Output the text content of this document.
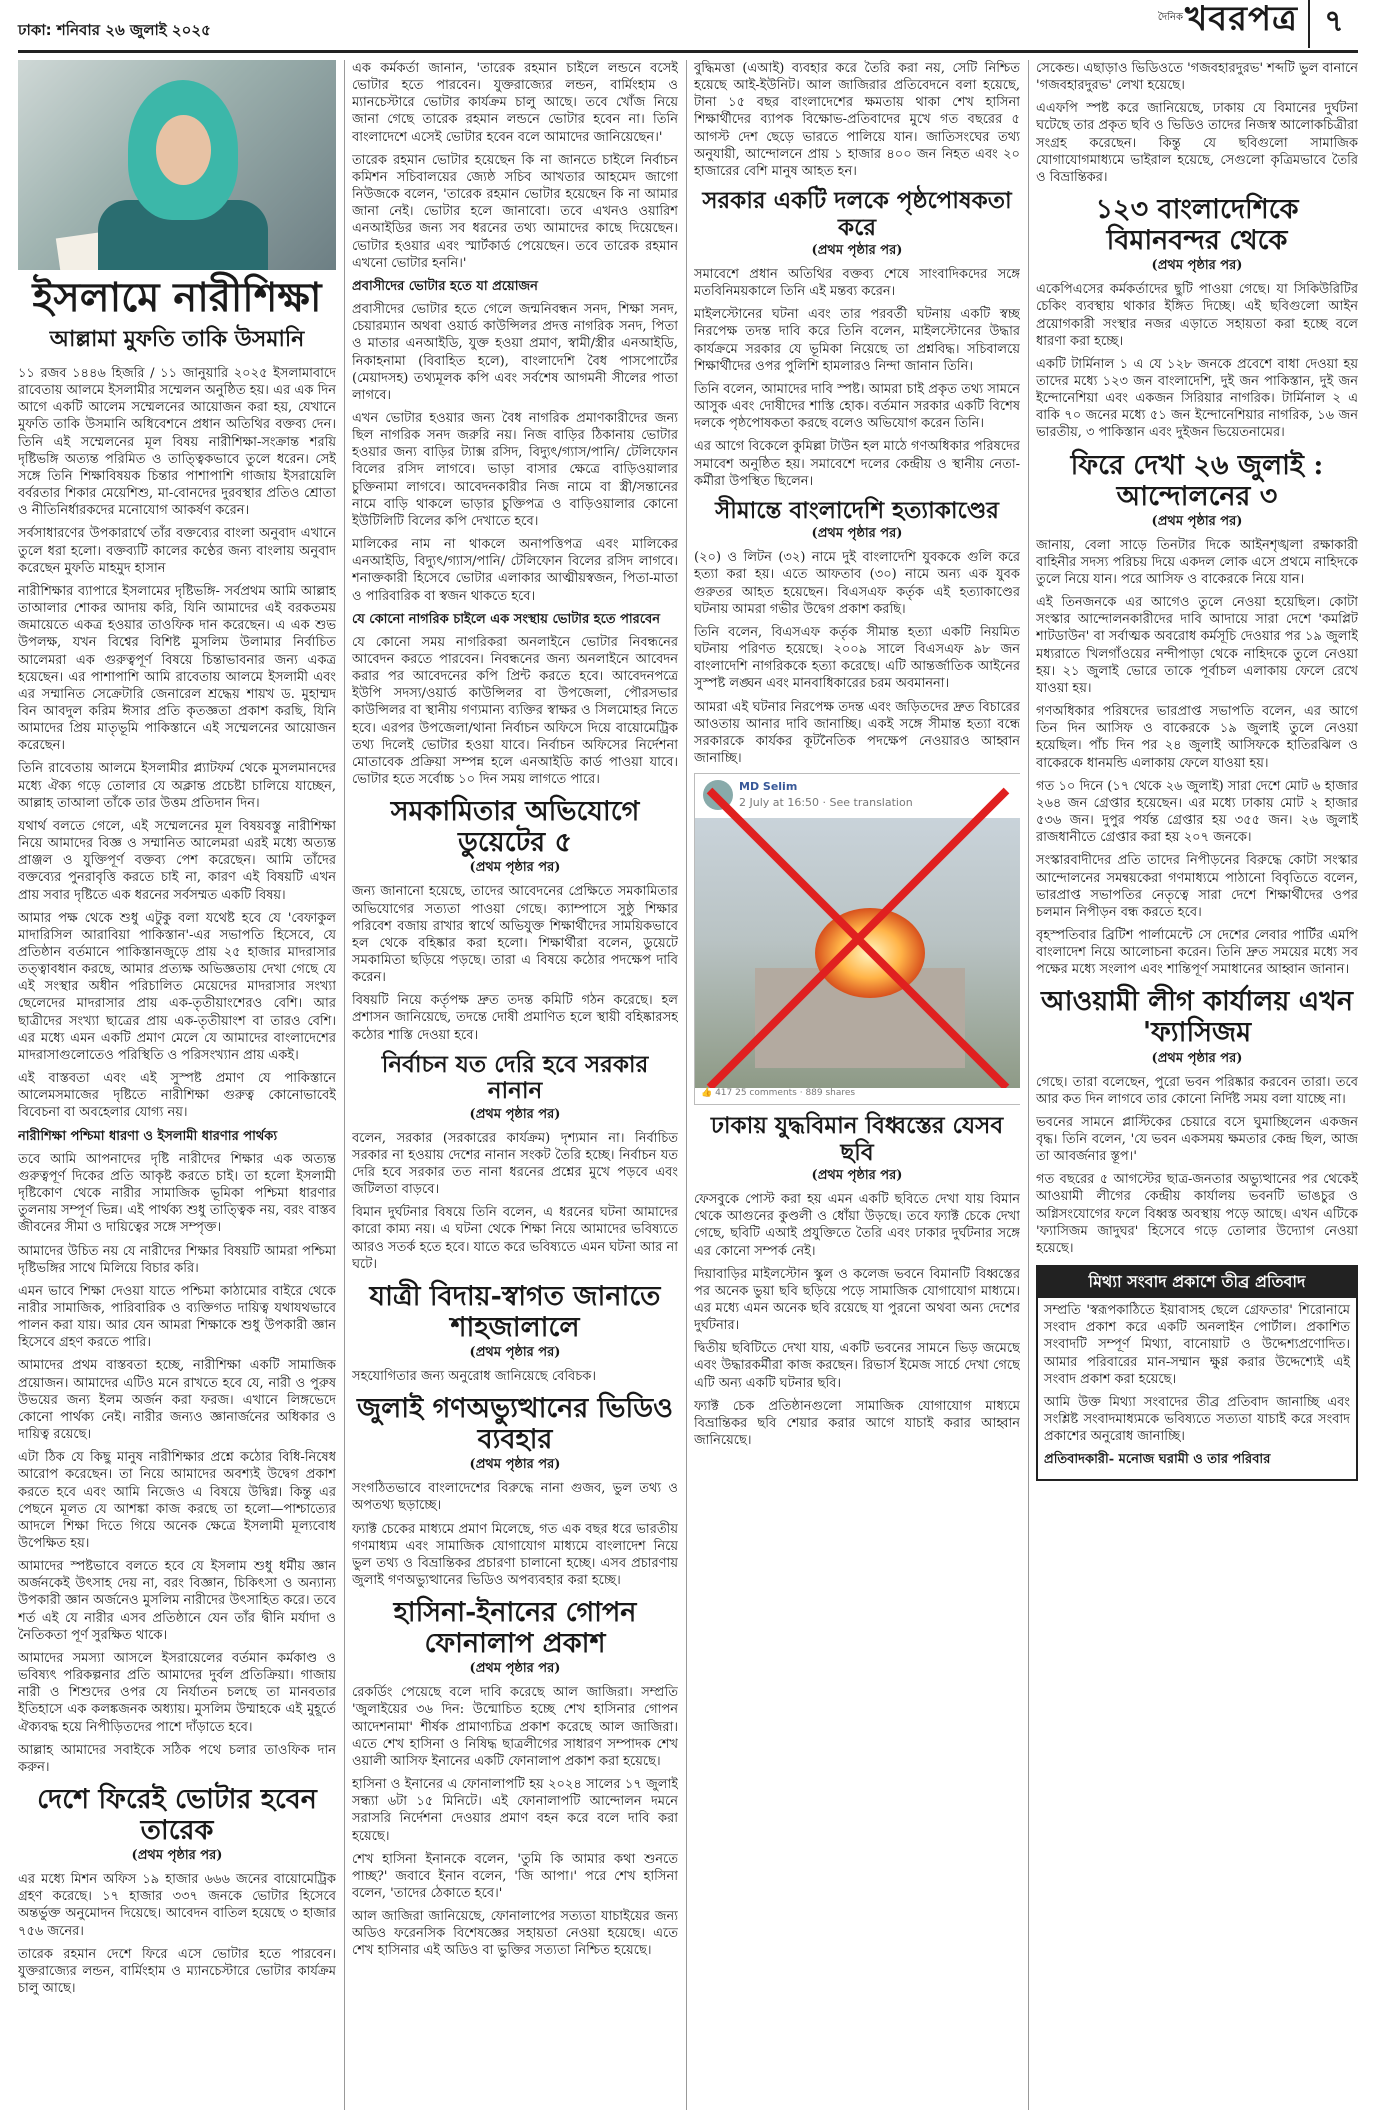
ঢাকা: শনিবার ২৬ জুলাই ২০২৫
দৈনিক খবরপত্র ৭
ইসলামে নারীশিক্ষা
আল্লামা মুফতি তাকি উসমানি

১১ রজব ১৪৪৬ হিজরি / ১১ জানুয়ারি ২০২৫ ইসলামাবাদে রাবেতায় আলমে ইসলামীর সম্মেলন অনুষ্ঠিত হয়। এর এক দিন আগে একটি আলেম সম্মেলনের আয়োজন করা হয়, যেখানে মুফতি তাকি উসমানি অধিবেশনে প্রধান অতিথির বক্তব্য দেন। তিনি এই সম্মেলনের মূল বিষয় নারীশিক্ষা-সংক্রান্ত শরয়ি দৃষ্টিভঙ্গি অত্যন্ত পরিমিত ও তাত্ত্বিকভাবে তুলে ধরেন। সেই সঙ্গে তিনি শিক্ষাবিষয়ক চিন্তার পাশাপাশি গাজায় ইসরায়েলি বর্বরতার শিকার মেয়েশিশু, মা-বোনদের দুরবস্থার প্রতিও শ্রোতা ও নীতিনির্ধারকদের মনোযোগ আকর্ষণ করেন।

সর্বসাধারণের উপকারার্থে তাঁর বক্তব্যের বাংলা অনুবাদ এখানে তুলে ধরা হলো। বক্তব্যটি কালের কণ্ঠের জন্য বাংলায় অনুবাদ করেছেন মুফতি মাহমুদ হাসান

নারীশিক্ষার ব্যাপারে ইসলামের দৃষ্টিভঙ্গি- সর্বপ্রথম আমি আল্লাহ তাআলার শোকর আদায় করি, যিনি আমাদের এই বরকতময় জমায়েতে একত্র হওয়ার তাওফিক দান করেছেন। এ এক শুভ উপলক্ষ, যখন বিশ্বের বিশিষ্ট মুসলিম উলামার নির্বাচিত আলেমরা এক গুরুত্বপূর্ণ বিষয়ে চিন্তাভাবনার জন্য একত্র হয়েছেন। এর পাশাপাশি আমি রাবেতায় আলমে ইসলামী এবং এর সম্মানিত সেক্রেটারি জেনারেল শ্রদ্ধেয় শায়খ ড. মুহাম্মদ বিন আবদুল করিম ঈসার প্রতি কৃতজ্ঞতা প্রকাশ করছি, যিনি আমাদের প্রিয় মাতৃভূমি পাকিস্তানে এই সম্মেলনের আয়োজন করেছেন।

তিনি রাবেতায় আলমে ইসলামীর প্ল্যাটফর্ম থেকে মুসলমানদের মধ্যে ঐক্য গড়ে তোলার যে অক্লান্ত প্রচেষ্টা চালিয়ে যাচ্ছেন, আল্লাহ তাআলা তাঁকে তার উত্তম প্রতিদান দিন।

যথার্থ বলতে গেলে, এই সম্মেলনের মূল বিষয়বস্তু নারীশিক্ষা নিয়ে আমাদের বিজ্ঞ ও সম্মানিত আলেমরা এরই মধ্যে অত্যন্ত প্রাঞ্জল ও যুক্তিপূর্ণ বক্তব্য পেশ করেছেন। আমি তাঁদের বক্তব্যের পুনরাবৃত্তি করতে চাই না, কারণ এই বিষয়টি এখন প্রায় সবার দৃষ্টিতে এক ধরনের সর্বসম্মত একটি বিষয়।

আমার পক্ষ থেকে শুধু এটুকু বলা যথেষ্ট হবে যে 'বেফাকুল মাদারিসিল আরাবিয়া পাকিস্তান'-এর সভাপতি হিসেবে, যে প্রতিষ্ঠান বর্তমানে পাকিস্তানজুড়ে প্রায় ২৫ হাজার মাদরাসার তত্ত্বাবধান করছে, আমার প্রত্যক্ষ অভিজ্ঞতায় দেখা গেছে যে এই সংস্থার অধীন পরিচালিত মেয়েদের মাদরাসার সংখ্যা ছেলেদের মাদরাসার প্রায় এক-তৃতীয়াংশেরও বেশি। আর ছাত্রীদের সংখ্যা ছাত্রের প্রায় এক-তৃতীয়াংশ বা তারও বেশি। এর মধ্যে এমন একটি প্রমাণ মেলে যে আমাদের বাংলাদেশের মাদরাসাগুলোতেও পরিস্থিতি ও পরিসংখ্যান প্রায় একই।

এই বাস্তবতা এবং এই সুস্পষ্ট প্রমাণ যে পাকিস্তানে আলেমসমাজের দৃষ্টিতে নারীশিক্ষা গুরুত্ব কোনোভাবেই বিবেচনা বা অবহেলার যোগ্য নয়।

নারীশিক্ষা পশ্চিমা ধারণা ও ইসলামী ধারণার পার্থক্য

তবে আমি আপনাদের দৃষ্টি নারীদের শিক্ষার এক অত্যন্ত গুরুত্বপূর্ণ দিকের প্রতি আকৃষ্ট করতে চাই। তা হলো ইসলামী দৃষ্টিকোণ থেকে নারীর সামাজিক ভূমিকা পশ্চিমা ধারণার তুলনায় সম্পূর্ণ ভিন্ন। এই পার্থক্য শুধু তাত্ত্বিক নয়, বরং বাস্তব জীবনের সীমা ও দায়িত্বের সঙ্গে সম্পৃক্ত।

আমাদের উচিত নয় যে নারীদের শিক্ষার বিষয়টি আমরা পশ্চিমা দৃষ্টিভঙ্গির সাথে মিলিয়ে বিচার করি।

এমন ভাবে শিক্ষা দেওয়া যাতে পশ্চিমা কাঠামোর বাইরে থেকে নারীর সামাজিক, পারিবারিক ও ব্যক্তিগত দায়িত্ব যথাযথভাবে পালন করা যায়। আর যেন আমরা শিক্ষাকে শুধু উপকারী জ্ঞান হিসেবে গ্রহণ করতে পারি।

আমাদের প্রথম বাস্তবতা হচ্ছে, নারীশিক্ষা একটি সামাজিক প্রয়োজন। আমাদের এটিও মনে রাখতে হবে যে, নারী ও পুরুষ উভয়ের জন্য ইলম অর্জন করা ফরজ। এখানে লিঙ্গভেদে কোনো পার্থক্য নেই। নারীর জন্যও জ্ঞানার্জনের অধিকার ও দায়িত্ব রয়েছে।

এটা ঠিক যে কিছু মানুষ নারীশিক্ষার প্রশ্নে কঠোর বিধি-নিষেধ আরোপ করেছেন। তা নিয়ে আমাদের অবশ্যই উদ্বেগ প্রকাশ করতে হবে এবং আমি নিজেও এ বিষয়ে উদ্বিগ্ন। কিন্তু এর পেছনে মূলত যে আশঙ্কা কাজ করছে তা হলো—পাশ্চাত্যের আদলে শিক্ষা দিতে গিয়ে অনেক ক্ষেত্রে ইসলামী মূল্যবোধ উপেক্ষিত হয়।

আমাদের স্পষ্টভাবে বলতে হবে যে ইসলাম শুধু ধর্মীয় জ্ঞান অর্জনকেই উৎসাহ দেয় না, বরং বিজ্ঞান, চিকিৎসা ও অন্যান্য উপকারী জ্ঞান অর্জনেও মুসলিম নারীদের উৎসাহিত করে। তবে শর্ত এই যে নারীর এসব প্রতিষ্ঠানে যেন তাঁর দ্বীনি মর্যাদা ও নৈতিকতা পূর্ণ সুরক্ষিত থাকে।

আমাদের সমস্যা আসলে ইসরায়েলের বর্তমান কর্মকাণ্ড ও ভবিষ্যৎ পরিকল্পনার প্রতি আমাদের দুর্বল প্রতিক্রিয়া। গাজায় নারী ও শিশুদের ওপর যে নির্যাতন চলছে তা মানবতার ইতিহাসে এক কলঙ্কজনক অধ্যায়। মুসলিম উম্মাহকে এই মুহূর্তে ঐক্যবদ্ধ হয়ে নিপীড়িতদের পাশে দাঁড়াতে হবে।

আল্লাহ আমাদের সবাইকে সঠিক পথে চলার তাওফিক দান করুন।

দেশে ফিরেই ভোটার হবেন তারেক
(প্রথম পৃষ্ঠার পর)

এর মধ্যে মিশন অফিস ১৯ হাজার ৬৬৬ জনের বায়োমেট্রিক গ্রহণ করেছে। ১৭ হাজার ৩৩৭ জনকে ভোটার হিসেবে অন্তর্ভুক্ত অনুমোদন দিয়েছে। আবেদন বাতিল হয়েছে ৩ হাজার ৭৫৬ জনের।

তারেক রহমান দেশে ফিরে এসে ভোটার হতে পারবেন। যুক্তরাজ্যের লন্ডন, বার্মিংহাম ও ম্যানচেস্টারে ভোটার কার্যক্রম চালু আছে।

এক কর্মকর্তা জানান, 'তারেক রহমান চাইলে লন্ডনে বসেই ভোটার হতে পারবেন। যুক্তরাজ্যের লন্ডন, বার্মিংহাম ও ম্যানচেস্টারে ভোটার কার্যক্রম চালু আছে। তবে খোঁজ নিয়ে জানা গেছে তারেক রহমান লন্ডনে ভোটার হবেন না। তিনি বাংলাদেশে এসেই ভোটার হবেন বলে আমাদের জানিয়েছেন।'

তারেক রহমান ভোটার হয়েছেন কি না জানতে চাইলে নির্বাচন কমিশন সচিবালয়ের জ্যেষ্ঠ সচিব আখতার আহমেদ জাগো নিউজকে বলেন, 'তারেক রহমান ভোটার হয়েছেন কি না আমার জানা নেই। ভোটার হলে জানাবো। তবে এখনও ওয়ারিশ এনআইডির জন্য সব ধরনের তথ্য আমাদের কাছে দিয়েছেন। ভোটার হওয়ার এবং স্মার্টকার্ড পেয়েছেন। তবে তারেক রহমান এখনো ভোটার হননি।'

প্রবাসীদের ভোটার হতে যা প্রয়োজন

প্রবাসীদের ভোটার হতে গেলে জন্মনিবন্ধন সনদ, শিক্ষা সনদ, চেয়ারম্যান অথবা ওয়ার্ড কাউন্সিলর প্রদত্ত নাগরিক সনদ, পিতা ও মাতার এনআইডি, যুক্ত হওয়া প্রমাণ, স্বামী/স্ত্রীর এনআইডি, নিকাহনামা (বিবাহিত হলে), বাংলাদেশি বৈধ পাসপোর্টের (মেয়াদসহ) তথ্যমূলক কপি এবং সর্বশেষ আগমনী সীলের পাতা লাগবে।

এখন ভোটার হওয়ার জন্য বৈধ নাগরিক প্রমাণকারীদের জন্য ছিল নাগরিক সনদ জরুরি নয়। নিজ বাড়ির ঠিকানায় ভোটার হওয়ার জন্য বাড়ির ট্যাক্স রসিদ, বিদ্যুৎ/গ্যাস/পানি/ টেলিফোন বিলের রসিদ লাগবে। ভাড়া বাসার ক্ষেত্রে বাড়িওয়ালার চুক্তিনামা লাগবে। আবেদনকারীর নিজ নামে বা স্ত্রী/সন্তানের নামে বাড়ি থাকলে ভাড়ার চুক্তিপত্র ও বাড়িওয়ালার কোনো ইউটিলিটি বিলের কপি দেখাতে হবে।

মালিকের নাম না থাকলে অনাপত্তিপত্র এবং মালিকের এনআইডি, বিদ্যুৎ/গ্যাস/পানি/ টেলিফোন বিলের রসিদ লাগবে। শনাক্তকারী হিসেবে ভোটার এলাকার আত্মীয়স্বজন, পিতা-মাতা ও পারিবারিক বা স্বজন থাকতে হবে।

যে কোনো নাগরিক চাইলে এক সংস্থায় ভোটার হতে পারবেন

যে কোনো সময় নাগরিকরা অনলাইনে ভোটার নিবন্ধনের আবেদন করতে পারবেন। নিবন্ধনের জন্য অনলাইনে আবেদন করার পর আবেদনের কপি প্রিন্ট করতে হবে। আবেদনপত্রে ইউপি সদস্য/ওয়ার্ড কাউন্সিলর বা উপজেলা, পৌরসভার কাউন্সিলর বা স্থানীয় গণ্যমান্য ব্যক্তির স্বাক্ষর ও সিলমোহর নিতে হবে। এরপর উপজেলা/থানা নির্বাচন অফিসে দিয়ে বায়োমেট্রিক তথ্য দিলেই ভোটার হওয়া যাবে। নির্বাচন অফিসের নির্দেশনা মোতাবেক প্রক্রিয়া সম্পন্ন হলে এনআইডি কার্ড পাওয়া যাবে। ভোটার হতে সর্বোচ্চ ১০ দিন সময় লাগতে পারে।

সমকামিতার অভিযোগে ডুয়েটের ৫
(প্রথম পৃষ্ঠার পর)

জন্য জানানো হয়েছে, তাদের আবেদনের প্রেক্ষিতে সমকামিতার অভিযোগের সত্যতা পাওয়া গেছে। ক্যাম্পাসে সুষ্ঠু শিক্ষার পরিবেশ বজায় রাখার স্বার্থে অভিযুক্ত শিক্ষার্থীদের সাময়িকভাবে হল থেকে বহিষ্কার করা হলো। শিক্ষার্থীরা বলেন, ডুয়েটে সমকামিতা ছড়িয়ে পড়ছে। তারা এ বিষয়ে কঠোর পদক্ষেপ দাবি করেন।

বিষয়টি নিয়ে কর্তৃপক্ষ দ্রুত তদন্ত কমিটি গঠন করেছে। হল প্রশাসন জানিয়েছে, তদন্তে দোষী প্রমাণিত হলে স্থায়ী বহিষ্কারসহ কঠোর শাস্তি দেওয়া হবে।

নির্বাচন যত দেরি হবে সরকার নানান
(প্রথম পৃষ্ঠার পর)

বলেন, সরকার (সরকারের কার্যক্রম) দৃশ্যমান না। নির্বাচিত সরকার না হওয়ায় দেশের নানান সংকট তৈরি হচ্ছে। নির্বাচন যত দেরি হবে সরকার তত নানা ধরনের প্রশ্নের মুখে পড়বে এবং জটিলতা বাড়বে।

বিমান দুর্ঘটনার বিষয়ে তিনি বলেন, এ ধরনের ঘটনা আমাদের কারো কাম্য নয়। এ ঘটনা থেকে শিক্ষা নিয়ে আমাদের ভবিষ্যতে আরও সতর্ক হতে হবে। যাতে করে ভবিষ্যতে এমন ঘটনা আর না ঘটে।

যাত্রী বিদায়-স্বাগত জানাতে শাহজালালে
(প্রথম পৃষ্ঠার পর)

সহযোগিতার জন্য অনুরোধ জানিয়েছে বেবিচক।

জুলাই গণঅভ্যুত্থানের ভিডিও ব্যবহার
(প্রথম পৃষ্ঠার পর)

সংগঠিতভাবে বাংলাদেশের বিরুদ্ধে নানা গুজব, ভুল তথ্য ও অপতথ্য ছড়াচ্ছে।

ফ্যাক্ট চেকের মাধ্যমে প্রমাণ মিলেছে, গত এক বছর ধরে ভারতীয় গণমাধ্যম এবং সামাজিক যোগাযোগ মাধ্যমে বাংলাদেশ নিয়ে ভুল তথ্য ও বিভ্রান্তিকর প্রচারণা চালানো হচ্ছে। এসব প্রচারণায় জুলাই গণঅভ্যুত্থানের ভিডিও অপব্যবহার করা হচ্ছে।

হাসিনা-ইনানের গোপন ফোনালাপ প্রকাশ
(প্রথম পৃষ্ঠার পর)

রেকর্ডিং পেয়েছে বলে দাবি করেছে আল জাজিরা। সম্প্রতি 'জুলাইয়ের ৩৬ দিন: উন্মোচিত হচ্ছে শেখ হাসিনার গোপন আদেশনামা' শীর্ষক প্রামাণ্যচিত্র প্রকাশ করেছে আল জাজিরা। এতে শেখ হাসিনা ও নিষিদ্ধ ছাত্রলীগের সাধারণ সম্পাদক শেখ ওয়ালী আসিফ ইনানের একটি ফোনালাপ প্রকাশ করা হয়েছে।

হাসিনা ও ইনানের এ ফোনালাপটি হয় ২০২৪ সালের ১৭ জুলাই সন্ধ্যা ৬টা ১৫ মিনিটে। এই ফোনালাপটি আন্দোলন দমনে সরাসরি নির্দেশনা দেওয়ার প্রমাণ বহন করে বলে দাবি করা হয়েছে।

শেখ হাসিনা ইনানকে বলেন, 'তুমি কি আমার কথা শুনতে পাচ্ছ?' জবাবে ইনান বলেন, 'জি আপা।' পরে শেখ হাসিনা বলেন, 'তাদের ঠেকাতে হবে।'

আল জাজিরা জানিয়েছে, ফোনালাপের সত্যতা যাচাইয়ের জন্য অডিও ফরেনসিক বিশেষজ্ঞের সহায়তা নেওয়া হয়েছে। এতে শেখ হাসিনার এই অডিও বা ভুক্তির সত্যতা নিশ্চিত হয়েছে।

বুদ্ধিমত্তা (এআই) ব্যবহার করে তৈরি করা নয়, সেটি নিশ্চিত হয়েছে আই-ইউনিট। আল জাজিরার প্রতিবেদনে বলা হয়েছে, টানা ১৫ বছর বাংলাদেশের ক্ষমতায় থাকা শেখ হাসিনা শিক্ষার্থীদের ব্যাপক বিক্ষোভ-প্রতিবাদের মুখে গত বছরের ৫ আগস্ট দেশ ছেড়ে ভারতে পালিয়ে যান। জাতিসংঘের তথ্য অনুযায়ী, আন্দোলনে প্রায় ১ হাজার ৪০০ জন নিহত এবং ২০ হাজারের বেশি মানুষ আহত হন।

সরকার একটি দলকে পৃষ্ঠপোষকতা করে
(প্রথম পৃষ্ঠার পর)

সমাবেশে প্রধান অতিথির বক্তব্য শেষে সাংবাদিকদের সঙ্গে মতবিনিময়কালে তিনি এই মন্তব্য করেন।

মাইলস্টোনের ঘটনা এবং তার পরবর্তী ঘটনায় একটি স্বচ্ছ নিরপেক্ষ তদন্ত দাবি করে তিনি বলেন, মাইলস্টোনের উদ্ধার কার্যক্রমে সরকার যে ভূমিকা নিয়েছে তা প্রশ্নবিদ্ধ। সচিবালয়ে শিক্ষার্থীদের ওপর পুলিশি হামলারও নিন্দা জানান তিনি।

তিনি বলেন, আমাদের দাবি স্পষ্ট। আমরা চাই প্রকৃত তথ্য সামনে আসুক এবং দোষীদের শাস্তি হোক। বর্তমান সরকার একটি বিশেষ দলকে পৃষ্ঠপোষকতা করছে বলেও অভিযোগ করেন তিনি।

এর আগে বিকেলে কুমিল্লা টাউন হল মাঠে গণঅধিকার পরিষদের সমাবেশ অনুষ্ঠিত হয়। সমাবেশে দলের কেন্দ্রীয় ও স্থানীয় নেতা-কর্মীরা উপস্থিত ছিলেন।

সীমান্তে বাংলাদেশি হত্যাকাণ্ডের
(প্রথম পৃষ্ঠার পর)

(২০) ও লিটন (৩২) নামে দুই বাংলাদেশি যুবককে গুলি করে হত্যা করা হয়। এতে আফতাব (৩০) নামে অন্য এক যুবক গুরুতর আহত হয়েছেন। বিএসএফ কর্তৃক এই হত্যাকাণ্ডের ঘটনায় আমরা গভীর উদ্বেগ প্রকাশ করছি।

তিনি বলেন, বিএসএফ কর্তৃক সীমান্ত হত্যা একটি নিয়মিত ঘটনায় পরিণত হয়েছে। ২০০৯ সালে বিএসএফ ৯৮ জন বাংলাদেশি নাগরিককে হত্যা করেছে। এটি আন্তর্জাতিক আইনের সুস্পষ্ট লঙ্ঘন এবং মানবাধিকারের চরম অবমাননা।

আমরা এই ঘটনার নিরপেক্ষ তদন্ত এবং জড়িতদের দ্রুত বিচারের আওতায় আনার দাবি জানাচ্ছি। একই সঙ্গে সীমান্ত হত্যা বন্ধে সরকারকে কার্যকর কূটনৈতিক পদক্ষেপ নেওয়ারও আহ্বান জানাচ্ছি।

MD Selim
2 July at 16:50 · See translation
👍 417 25 comments · 889 shares
ঢাকায় যুদ্ধবিমান বিধ্বস্তের যেসব ছবি
(প্রথম পৃষ্ঠার পর)

ফেসবুকে পোস্ট করা হয় এমন একটি ছবিতে দেখা যায় বিমান থেকে আগুনের কুণ্ডলী ও ধোঁয়া উড়ছে। তবে ফ্যাক্ট চেকে দেখা গেছে, ছবিটি এআই প্রযুক্তিতে তৈরি এবং ঢাকার দুর্ঘটনার সঙ্গে এর কোনো সম্পর্ক নেই।

দিয়াবাড়ির মাইলস্টোন স্কুল ও কলেজ ভবনে বিমানটি বিধ্বস্তের পর অনেক ভুয়া ছবি ছড়িয়ে পড়ে সামাজিক যোগাযোগ মাধ্যমে। এর মধ্যে এমন অনেক ছবি রয়েছে যা পুরনো অথবা অন্য দেশের দুর্ঘটনার।

দ্বিতীয় ছবিটিতে দেখা যায়, একটি ভবনের সামনে ভিড় জমেছে এবং উদ্ধারকর্মীরা কাজ করছেন। রিভার্স ইমেজ সার্চে দেখা গেছে এটি অন্য একটি ঘটনার ছবি।

ফ্যাক্ট চেক প্রতিষ্ঠানগুলো সামাজিক যোগাযোগ মাধ্যমে বিভ্রান্তিকর ছবি শেয়ার করার আগে যাচাই করার আহ্বান জানিয়েছে।

সেকেন্ড। এছাড়াও ভিডিওতে 'গজবহারদুরভ' শব্দটি ভুল বানানে 'গজবহারদুরভ' লেখা হয়েছে।

এএফপি স্পষ্ট করে জানিয়েছে, ঢাকায় যে বিমানের দুর্ঘটনা ঘটেছে তার প্রকৃত ছবি ও ভিডিও তাদের নিজস্ব আলোকচিত্রীরা সংগ্রহ করেছেন। কিন্তু যে ছবিগুলো সামাজিক যোগাযোগমাধ্যমে ভাইরাল হয়েছে, সেগুলো কৃত্রিমভাবে তৈরি ও বিভ্রান্তিকর।

১২৩ বাংলাদেশিকে বিমানবন্দর থেকে
(প্রথম পৃষ্ঠার পর)

একেপিএসের কর্মকর্তাদের ছুটি পাওয়া গেছে। যা সিকিউরিটির চেকিং ব্যবস্থায় থাকার ইঙ্গিত দিচ্ছে। এই ছবিগুলো আইন প্রয়োগকারী সংস্থার নজর এড়াতে সহায়তা করা হচ্ছে বলে ধারণা করা হচ্ছে।

একটি টার্মিনাল ১ এ যে ১২৮ জনকে প্রবেশে বাধা দেওয়া হয় তাদের মধ্যে ১২৩ জন বাংলাদেশি, দুই জন পাকিস্তান, দুই জন ইন্দোনেশিয়া এবং একজন সিরিয়ার নাগরিক। টার্মিনাল ২ এ বাকি ৭০ জনের মধ্যে ৫১ জন ইন্দোনেশিয়ার নাগরিক, ১৬ জন ভারতীয়, ৩ পাকিস্তান এবং দুইজন ভিয়েতনামের।

ফিরে দেখা ২৬ জুলাই : আন্দোলনের ৩
(প্রথম পৃষ্ঠার পর)

জানায়, বেলা সাড়ে তিনটার দিকে আইনশৃঙ্খলা রক্ষাকারী বাহিনীর সদস্য পরিচয় দিয়ে একদল লোক এসে প্রথমে নাহিদকে তুলে নিয়ে যান। পরে আসিফ ও বাকেরকে নিয়ে যান।

এই তিনজনকে এর আগেও তুলে নেওয়া হয়েছিল। কোটা সংস্কার আন্দোলনকারীদের দাবি আদায়ে সারা দেশে 'কমপ্লিট শাটডাউন' বা সর্বাত্মক অবরোধ কর্মসূচি দেওয়ার পর ১৯ জুলাই মধ্যরাতে খিলগাঁওয়ের নন্দীপাড়া থেকে নাহিদকে তুলে নেওয়া হয়। ২১ জুলাই ভোরে তাকে পূর্বাচল এলাকায় ফেলে রেখে যাওয়া হয়।

গণঅধিকার পরিষদের ভারপ্রাপ্ত সভাপতি বলেন, এর আগে তিন দিন আসিফ ও বাকেরকে ১৯ জুলাই তুলে নেওয়া হয়েছিল। পাঁচ দিন পর ২৪ জুলাই আসিফকে হাতিরঝিল ও বাকেরকে ধানমন্ডি এলাকায় ফেলে যাওয়া হয়।

গত ১০ দিনে (১৭ থেকে ২৬ জুলাই) সারা দেশে মোট ৬ হাজার ২৬৪ জন গ্রেপ্তার হয়েছেন। এর মধ্যে ঢাকায় মোট ২ হাজার ৫৩৬ জন। দুপুর পর্যন্ত গ্রেপ্তার হয় ৩৫৫ জন। ২৬ জুলাই রাজধানীতে গ্রেপ্তার করা হয় ২০৭ জনকে।

সংস্কারবাদীদের প্রতি তাদের নিপীড়নের বিরুদ্ধে কোটা সংস্কার আন্দোলনের সমন্বয়কেরা গণমাধ্যমে পাঠানো বিবৃতিতে বলেন, ভারপ্রাপ্ত সভাপতির নেতৃত্বে সারা দেশে শিক্ষার্থীদের ওপর চলমান নিপীড়ন বন্ধ করতে হবে।

বৃহস্পতিবার ব্রিটিশ পার্লামেন্টে সে দেশের লেবার পার্টির এমপি বাংলাদেশ নিয়ে আলোচনা করেন। তিনি দ্রুত সময়ের মধ্যে সব পক্ষের মধ্যে সংলাপ এবং শান্তিপূর্ণ সমাধানের আহ্বান জানান।

আওয়ামী লীগ কার্যালয় এখন 'ফ্যাসিজম
(প্রথম পৃষ্ঠার পর)

গেছে। তারা বলেছেন, পুরো ভবন পরিষ্কার করবেন তারা। তবে আর কত দিন লাগবে তার কোনো নির্দিষ্ট সময় বলা যাচ্ছে না।

ভবনের সামনে প্লাস্টিকের চেয়ারে বসে ঘুমাচ্ছিলেন একজন বৃদ্ধ। তিনি বলেন, 'যে ভবন একসময় ক্ষমতার কেন্দ্র ছিল, আজ তা আবর্জনার স্তূপ।'

গত বছরের ৫ আগস্টের ছাত্র-জনতার অভ্যুত্থানের পর থেকেই আওয়ামী লীগের কেন্দ্রীয় কার্যালয় ভবনটি ভাঙচুর ও অগ্নিসংযোগের ফলে বিধ্বস্ত অবস্থায় পড়ে আছে। এখন এটিকে 'ফ্যাসিজম জাদুঘর' হিসেবে গড়ে তোলার উদ্যোগ নেওয়া হয়েছে।

মিথ্যা সংবাদ প্রকাশে তীব্র প্রতিবাদ

সম্প্রতি 'স্বরূপকাঠিতে ইয়াবাসহ ছেলে গ্রেফতার' শিরোনামে সংবাদ প্রকাশ করে একটি অনলাইন পোর্টাল। প্রকাশিত সংবাদটি সম্পূর্ণ মিথ্যা, বানোয়াট ও উদ্দেশ্যপ্রণোদিত। আমার পরিবারের মান-সম্মান ক্ষুণ্ণ করার উদ্দেশ্যেই এই সংবাদ প্রকাশ করা হয়েছে।

আমি উক্ত মিথ্যা সংবাদের তীব্র প্রতিবাদ জানাচ্ছি এবং সংশ্লিষ্ট সংবাদমাধ্যমকে ভবিষ্যতে সত্যতা যাচাই করে সংবাদ প্রকাশের অনুরোধ জানাচ্ছি।

প্রতিবাদকারী- মনোজ ঘরামী ও তার পরিবার
